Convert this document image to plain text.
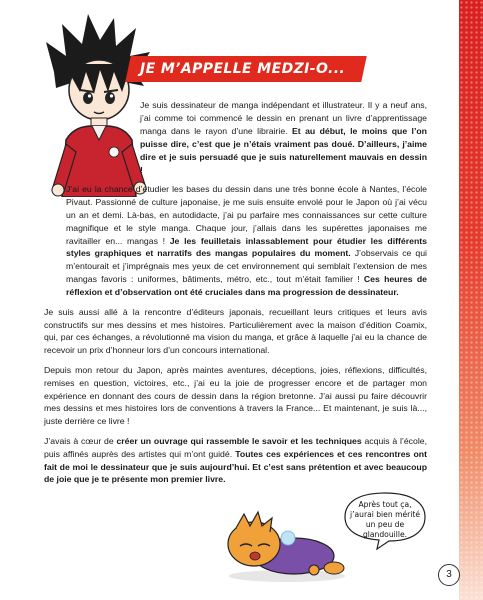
JE M’APPELLE MEDZI-O...

Je suis dessinateur de manga indépendant et illustrateur. Il y a neuf ans, j’ai comme toi commencé le dessin en prenant un livre d’apprentissage manga dans le rayon d’une librairie. Et au début, le moins que l’on puisse dire, c’est que je n’étais vraiment pas doué. D’ailleurs, j’aime dire et je suis persuadé que je suis naturellement mauvais en dessin !

J’ai eu la chance d’étudier les bases du dessin dans une très bonne école à Nantes, l’école Pivaut. Passionné de culture japonaise, je me suis ensuite envolé pour le Japon où j’ai vécu un an et demi. Là-bas, en autodidacte, j’ai pu parfaire mes connaissances sur cette culture magnifique et le style manga. Chaque jour, j’allais dans les supérettes japonaises me ravitailler en... mangas ! Je les feuilletais inlassablement pour étudier les différents styles graphiques et narratifs des mangas populaires du moment. J’observais ce qui m’entourait et j’imprégnais mes yeux de cet environnement qui semblait l’extension de mes mangas favoris : uniformes, bâtiments, métro, etc., tout m’était familier ! Ces heures de réflexion et d’observation ont été cruciales dans ma progression de dessinateur.

Je suis aussi allé à la rencontre d’éditeurs japonais, recueillant leurs critiques et leurs avis constructifs sur mes dessins et mes histoires. Particulièrement avec la maison d’édition Coamix, qui, par ces échanges, a révolutionné ma vision du manga, et grâce à laquelle j’ai eu la chance de recevoir un prix d’honneur lors d’un concours international.

Depuis mon retour du Japon, après maintes aventures, déceptions, joies, réflexions, difficultés, remises en question, victoires, etc., j’ai eu la joie de progresser encore et de partager mon expérience en donnant des cours de dessin dans la région bretonne. J’ai aussi pu faire découvrir mes dessins et mes histoires lors de conventions à travers la France... Et maintenant, je suis là..., juste derrière ce livre !

J’avais à cœur de créer un ouvrage qui rassemble le savoir et les techniques acquis à l’école, puis affinés auprès des artistes qui m’ont guidé. Toutes ces expériences et ces rencontres ont fait de moi le dessinateur que je suis aujourd’hui. Et c’est sans prétention et avec beaucoup de joie que je te présente mon premier livre.

Après tout ça,
j’aurai bien mérité
un peu de glandouille.
3
